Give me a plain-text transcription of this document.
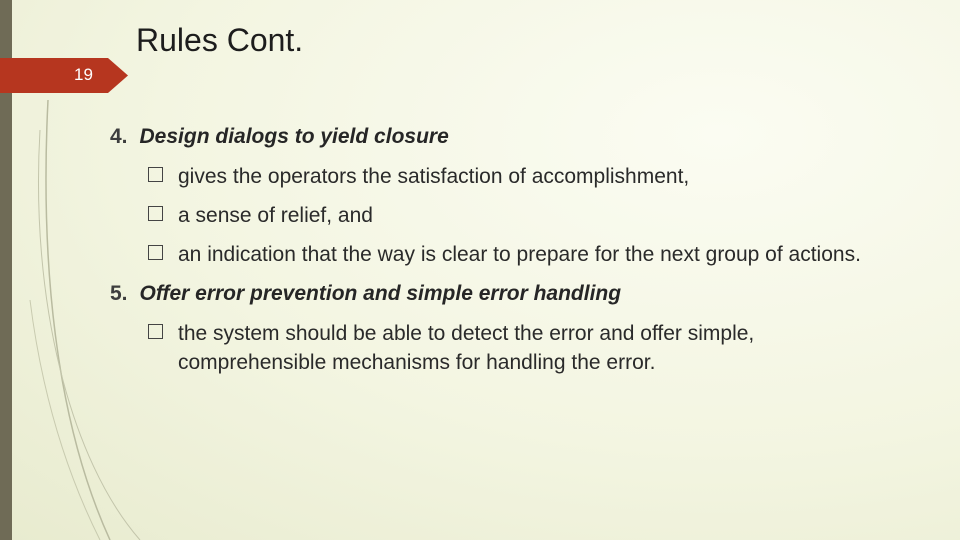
Rules Cont.
19
4. Design dialogs to yield closure
gives the operators the satisfaction of accomplishment,
a sense of relief, and
an indication that the way is clear to prepare for the next group of actions.
5. Offer error prevention and simple error handling
the system should be able to detect the error and offer simple, comprehensible mechanisms for handling the error.
